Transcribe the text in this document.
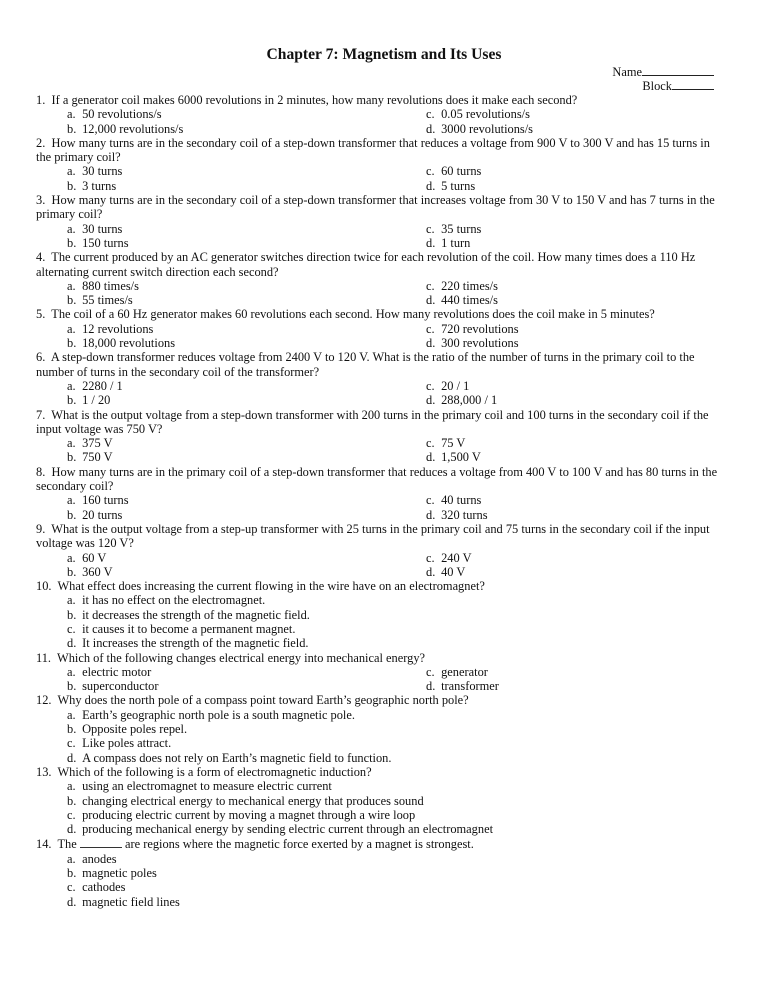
Chapter 7: Magnetism and Its Uses
Name
Block
1. If a generator coil makes 6000 revolutions in 2 minutes, how many revolutions does it make each second?
a. 50 revolutions/s	c. 0.05 revolutions/s
b. 12,000 revolutions/s	d. 3000 revolutions/s
2. How many turns are in the secondary coil of a step-down transformer that reduces a voltage from 900 V to 300 V and has 15 turns in the primary coil?
a. 30 turns	c. 60 turns
b. 3 turns	d. 5 turns
3. How many turns are in the secondary coil of a step-down transformer that increases voltage from 30 V to 150 V and has 7 turns in the primary coil?
a. 30 turns	c. 35 turns
b. 150 turns	d. 1 turn
4. The current produced by an AC generator switches direction twice for each revolution of the coil. How many times does a 110 Hz alternating current switch direction each second?
a. 880 times/s	c. 220 times/s
b. 55 times/s	d. 440 times/s
5. The coil of a 60 Hz generator makes 60 revolutions each second. How many revolutions does the coil make in 5 minutes?
a. 12 revolutions	c. 720 revolutions
b. 18,000 revolutions	d. 300 revolutions
6. A step-down transformer reduces voltage from 2400 V to 120 V. What is the ratio of the number of turns in the primary coil to the number of turns in the secondary coil of the transformer?
a. 2280 / 1	c. 20 / 1
b. 1 / 20	d. 288,000 / 1
7. What is the output voltage from a step-down transformer with 200 turns in the primary coil and 100 turns in the secondary coil if the input voltage was 750 V?
a. 375 V	c. 75 V
b. 750 V	d. 1,500 V
8. How many turns are in the primary coil of a step-down transformer that reduces a voltage from 400 V to 100 V and has 80 turns in the secondary coil?
a. 160 turns	c. 40 turns
b. 20 turns	d. 320 turns
9. What is the output voltage from a step-up transformer with 25 turns in the primary coil and 75 turns in the secondary coil if the input voltage was 120 V?
a. 60 V	c. 240 V
b. 360 V	d. 40 V
10. What effect does increasing the current flowing in the wire have on an electromagnet?
a. it has no effect on the electromagnet.
b. it decreases the strength of the magnetic field.
c. it causes it to become a permanent magnet.
d. It increases the strength of the magnetic field.
11. Which of the following changes electrical energy into mechanical energy?
a. electric motor	c. generator
b. superconductor	d. transformer
12. Why does the north pole of a compass point toward Earth’s geographic north pole?
a. Earth’s geographic north pole is a south magnetic pole.
b. Opposite poles repel.
c. Like poles attract.
d. A compass does not rely on Earth’s magnetic field to function.
13. Which of the following is a form of electromagnetic induction?
a. using an electromagnet to measure electric current
b. changing electrical energy to mechanical energy that produces sound
c. producing electric current by moving a magnet through a wire loop
d. producing mechanical energy by sending electric current through an electromagnet
14. The	are regions where the magnetic force exerted by a magnet is strongest.
a. anodes
b. magnetic poles
c. cathodes
d. magnetic field lines
